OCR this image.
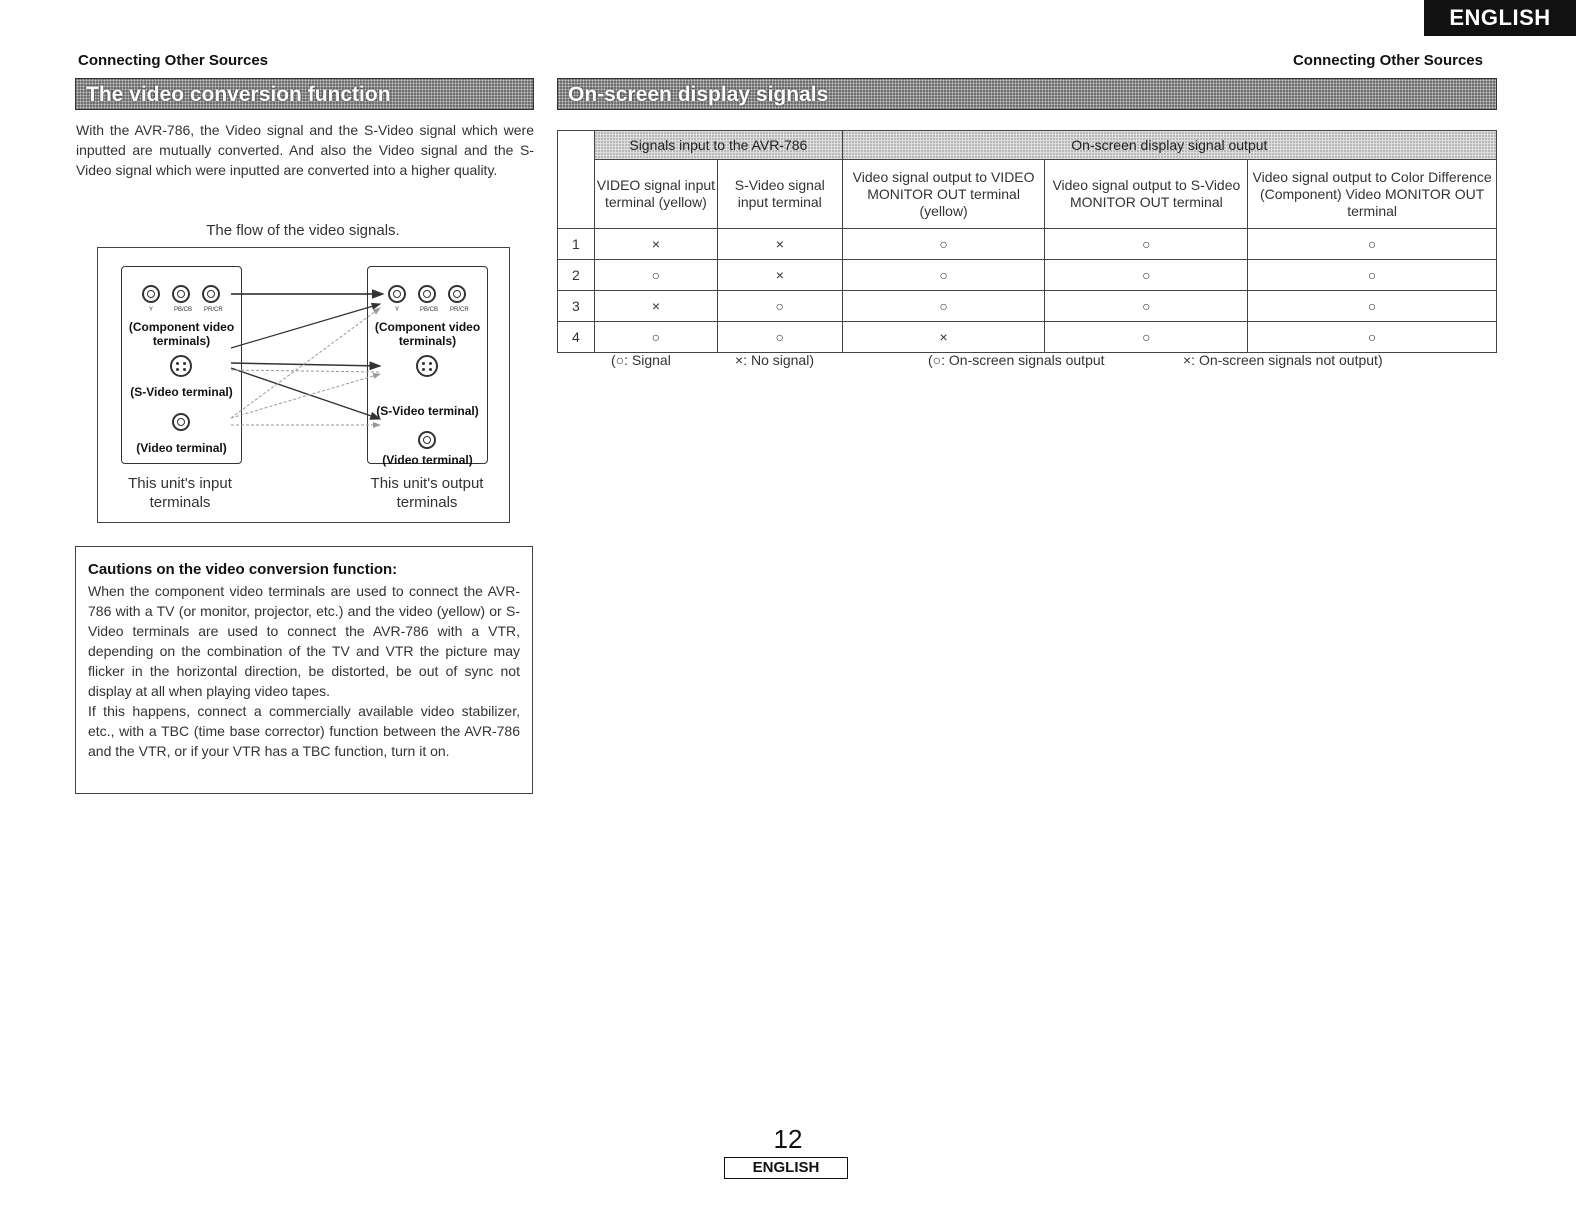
ENGLISH
Connecting Other Sources	Connecting Other Sources
The video conversion function
With the AVR-786, the Video signal and the S-Video signal which were inputted are mutually converted. And also the Video signal and the S-Video signal which were inputted are converted into a higher quality.
The flow of the video signals.
Y	PB/CB PR/CR
(Component video terminals)
(S-Video terminal)
(Video terminal)
Y	PB/CB PR/CR
(Component video terminals)
(S-Video terminal)
(Video terminal)
This unit's input terminals
This unit's output terminals
Cautions on the video conversion function:

When the component video terminals are used to connect the AVR-786 with a TV (or monitor, projector, etc.) and the video (yellow) or S-Video terminals are used to connect the AVR-786 with a VTR, depending on the combination of the TV and VTR the picture may flicker in the horizontal direction, be distorted, be out of sync not display at all when playing video tapes.

If this happens, connect a commercially available video stabilizer, etc., with a TBC (time base corrector) function between the AVR-786 and the VTR, or if your VTR has a TBC function, turn it on.

On-screen display signals
	Signals input to the AVR-786		On-screen display signal output		
	VIDEO signal input terminal (yellow)	S-Video signal input terminal	Video signal output to VIDEO MONITOR OUT terminal (yellow)	Video signal output to S-Video MONITOR OUT terminal	Video signal output to Color Difference (Component) Video MONITOR OUT terminal
1	×	×	○	○	○
2	○	×	○	○	○
3	×	○	○	○	○
4	○	○	×	○	○
(○: Signal	×: No signal)	(○: On-screen signals output	×: On-screen signals not output)
12
ENGLISH
